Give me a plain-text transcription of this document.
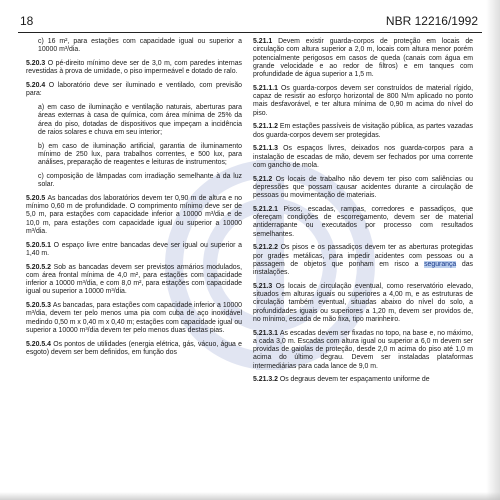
18	NBR 12216/1992

c) 16 m², para estações com capacidade igual ou superior a 10000 m³/dia.

5.20.3 O pé-direito mínimo deve ser de 3,0 m, com paredes internas revestidas à prova de umidade, o piso impermeável e dotado de ralo.

5.20.4 O laboratório deve ser iluminado e ventilado, com previsão para:

a) em caso de iluminação e ventilação naturais, aberturas para áreas externas à casa de química, com área mínima de 25% da área do piso, dotadas de dispositivos que impeçam a incidência de raios solares e chuva em seu interior;

b) em caso de iluminação artificial, garantia de iluminamento mínimo de 250 lux, para trabalhos correntes, e 500 lux, para análises, preparação de reagentes e leituras de instrumentos;

c) composição de lâmpadas com irradiação semelhante à da luz solar.

5.20.5 As bancadas dos laboratórios devem ter 0,90 m de altura e no mínimo 0,60 m de profundidade. O comprimento mínimo deve ser de 5,0 m, para estações com capacidade inferior a 10000 m³/dia e de 10,0 m, para estações com capacidade igual ou superior a 10000 m³/dia.

5.20.5.1 O espaço livre entre bancadas deve ser igual ou superior a 1,40 m.

5.20.5.2 Sob as bancadas devem ser previstos armários modulados, com área frontal mínima de 4,0 m², para estações com capacidade inferior a 10000 m³/dia, e com 8,0 m², para estações com capacidade igual ou superior a 10000 m³/dia.

5.20.5.3 As bancadas, para estações com capacidade inferior a 10000 m³/dia, devem ter pelo menos uma pia com cuba de aço inoxidável medindo 0,50 m x 0,40 m x 0,40 m; estações com capacidade igual ou superior a 10000 m³/dia devem ter pelo menos duas destas pias.

5.20.5.4 Os pontos de utilidades (energia elétrica, gás, vácuo, água e esgoto) devem ser bem definidos, em função dos

5.21.1 Devem existir guarda-corpos de proteção em locais de circulação com altura superior a 2,0 m, locais com altura menor porém potencialmente perigosos em casos de queda (canais com água em grande velocidade e ao redor de filtros) e em tanques com profundidade de água superior a 1,5 m.

5.21.1.1 Os guarda-corpos devem ser construídos de material rígido, capaz de resistir ao esforço horizontal de 800 N/m aplicado no ponto mais desfavorável, e ter altura mínima de 0,90 m acima do nível do piso.

5.21.1.2 Em estações passíveis de visitação pública, as partes vazadas dos guarda-corpos devem ser protegidas.

5.21.1.3 Os espaços livres, deixados nos guarda-corpos para a instalação de escadas de mão, devem ser fechados por uma corrente com gancho de mola.

5.21.2 Os locais de trabalho não devem ter piso com saliências ou depressões que possam causar acidentes durante a circulação de pessoas ou movimentação de materiais.

5.21.2.1 Pisos, escadas, rampas, corredores e passadiços, que ofereçam condições de escorregamento, devem ser de material antiderrapante ou executados por processo com resultados semelhantes.

5.21.2.2 Os pisos e os passadiços devem ter as aberturas protegidas por grades metálicas, para impedir acidentes com pessoas ou a passagem de objetos que ponham em risco a segurança das instalações.

5.21.3 Os locais de circulação eventual, como reservatório elevado, situados em alturas iguais ou superiores a 4,00 m, e as estruturas de circulação também eventual, situadas abaixo do nível do solo, a profundidades iguais ou superiores a 1,20 m, devem ser providos de, no mínimo, escada de mão fixa, tipo marinheiro.

5.21.3.1 As escadas devem ser fixadas no topo, na base e, no máximo, a cada 3,0 m. Escadas com altura igual ou superior a 6,0 m devem ser providas de gaiolas de proteção, desde 2,0 m acima do piso até 1,0 m acima do último degrau. Devem ser instaladas plataformas intermediárias para cada lance de 9,0 m.

5.21.3.2 Os degraus devem ter espaçamento uniforme de
